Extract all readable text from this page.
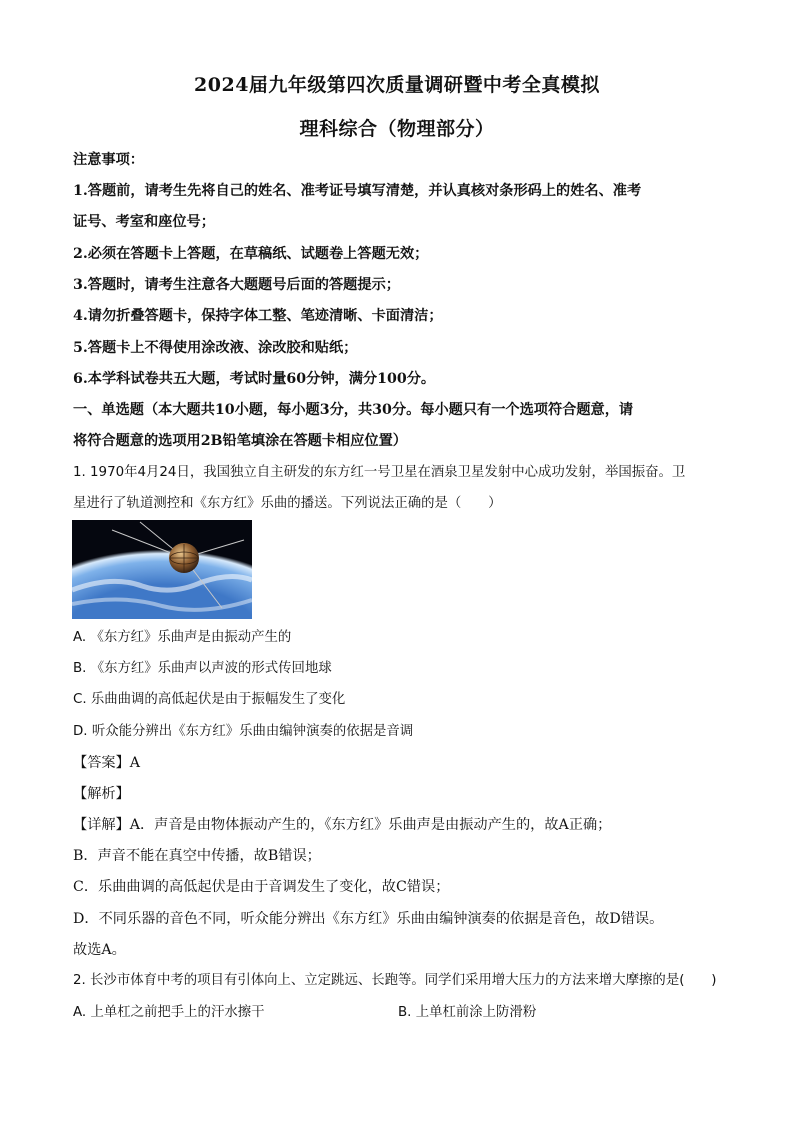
2024届九年级第四次质量调研暨中考全真模拟
理科综合（物理部分）
注意事项：
1.答题前，请考生先将自己的姓名、准考证号填写清楚，并认真核对条形码上的姓名、准考
证号、考室和座位号；
2.必须在答题卡上答题，在草稿纸、试题卷上答题无效；
3.答题时，请考生注意各大题题号后面的答题提示；
4.请勿折叠答题卡，保持字体工整、笔迹清晰、卡面清洁；
5.答题卡上不得使用涂改液、涂改胶和贴纸；
6.本学科试卷共五大题，考试时量60分钟，满分100分。
一、单选题（本大题共10小题，每小题3分，共30分。每小题只有一个选项符合题意，请
将符合题意的选项用2B铅笔填涂在答题卡相应位置）
1. 1970年4月24日，我国独立自主研发的东方红一号卫星在酒泉卫星发射中心成功发射，举国振奋。卫
星进行了轨道测控和《东方红》乐曲的播送。下列说法正确的是（　　）
A. 《东方红》乐曲声是由振动产生的
B. 《东方红》乐曲声以声波的形式传回地球
C. 乐曲曲调的高低起伏是由于振幅发生了变化
D. 听众能分辨出《东方红》乐曲由编钟演奏的依据是音调
【答案】A
【解析】
【详解】A．声音是由物体振动产生的，《东方红》乐曲声是由振动产生的，故A正确；
B．声音不能在真空中传播，故B错误；
C．乐曲曲调的高低起伏是由于音调发生了变化，故C错误；
D．不同乐器的音色不同，听众能分辨出《东方红》乐曲由编钟演奏的依据是音色，故D错误。
故选A。
2. 长沙市体育中考的项目有引体向上、立定跳远、长跑等。同学们采用增大压力的方法来增大摩擦的是(　　)
A. 上单杠之前把手上的汗水擦干	B. 上单杠前涂上防滑粉
